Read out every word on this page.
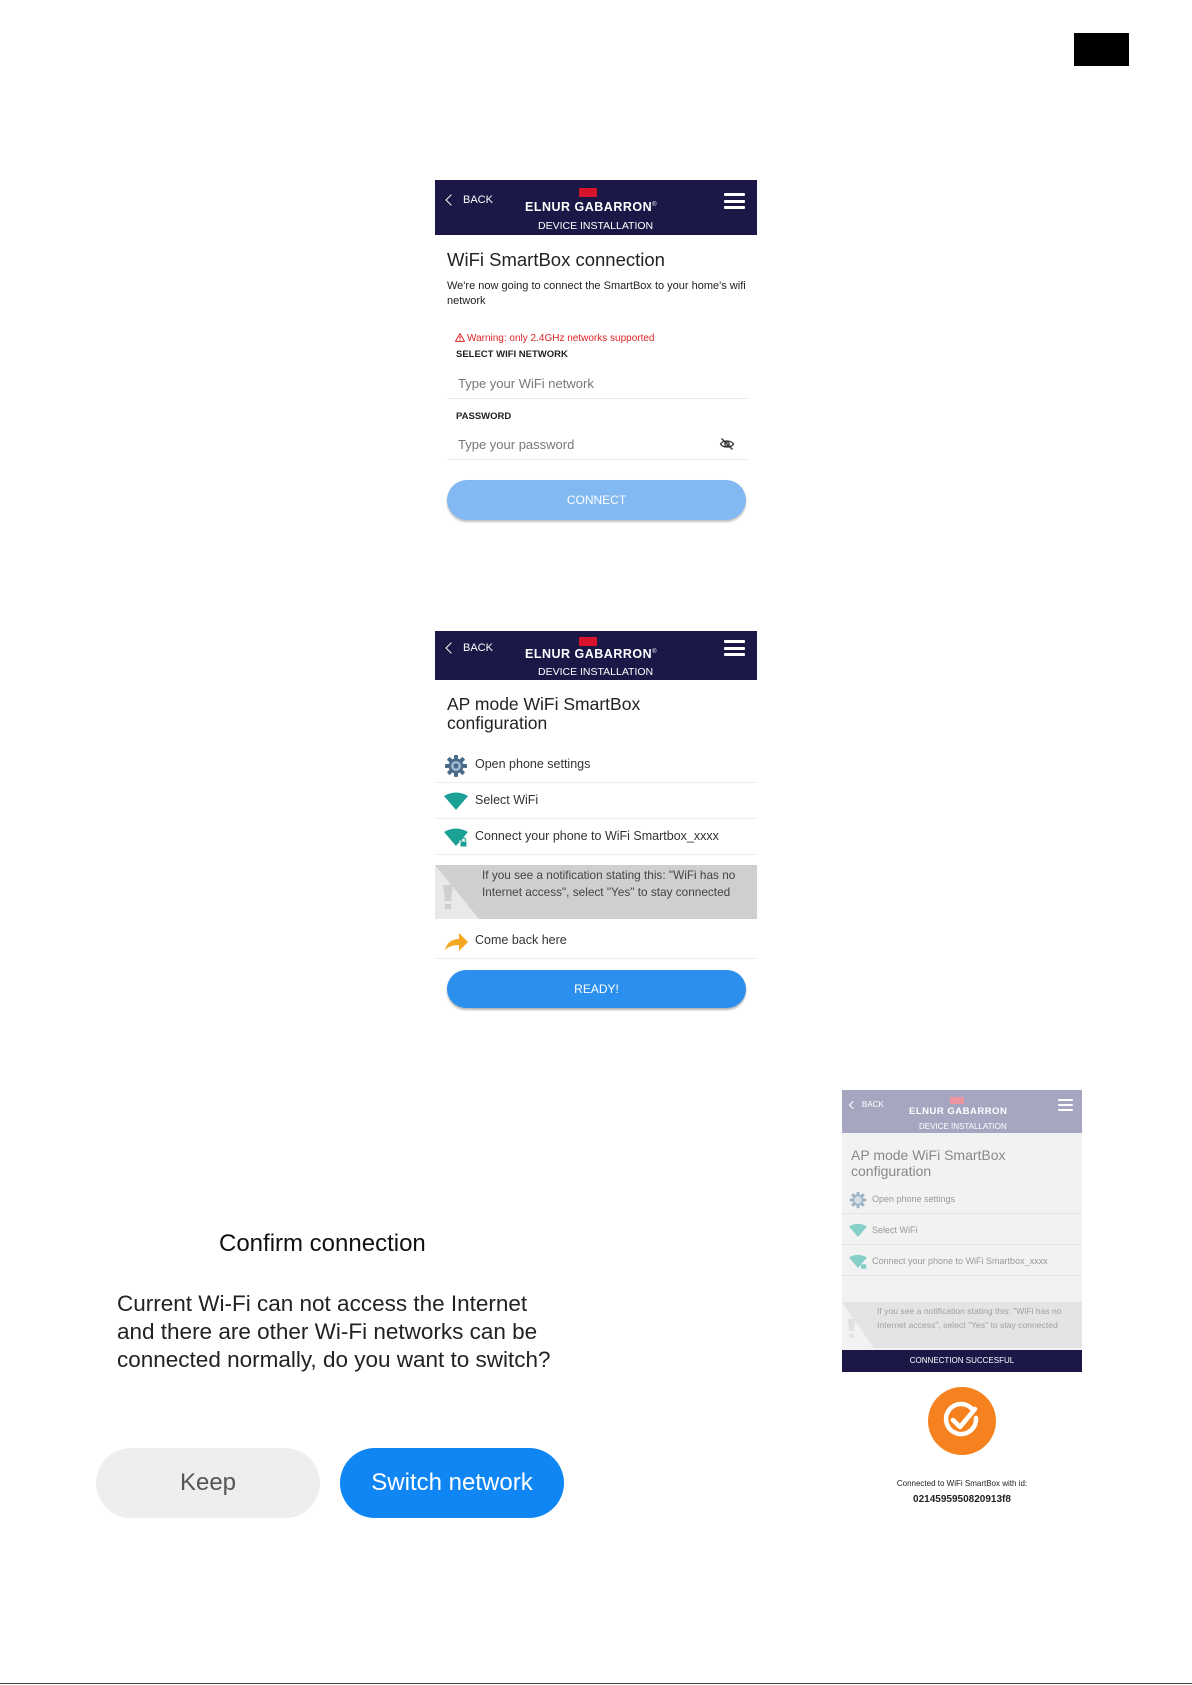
BACK	ELNUR GABARRON®
DEVICE INSTALLATION
WiFi SmartBox connection
We're now going to connect the SmartBox to your home's wifi network
Warning: only 2.4GHz networks supported
SELECT WIFI NETWORK
Type your WiFi network
PASSWORD
CONNECT
BACK	ELNUR GABARRON®
DEVICE INSTALLATION
AP mode WiFi SmartBox configuration
Open phone settings
Select WiFi
Connect your phone to WiFi Smartbox_xxxx
If you see a notification stating this: "WiFi has no Internet access", select "Yes" to stay connected
Come back here
READY!
Confirm connection
Current Wi-Fi can not access the Internet and there are other Wi-Fi networks can be connected normally, do you want to switch?
Keep	Switch network
BACK
ELNUR GABARRON
DEVICE INSTALLATION
AP mode WiFi SmartBox configuration
Open phone settings
Select WiFi
Connect your phone to WiFi Smartbox_xxxx
If you see a notification stating this: "WiFi has no Internet access", select "Yes" to stay connected
CONNECTION SUCCESFUL
Connected to WiFi SmartBox with id:
0214595950820913f8
